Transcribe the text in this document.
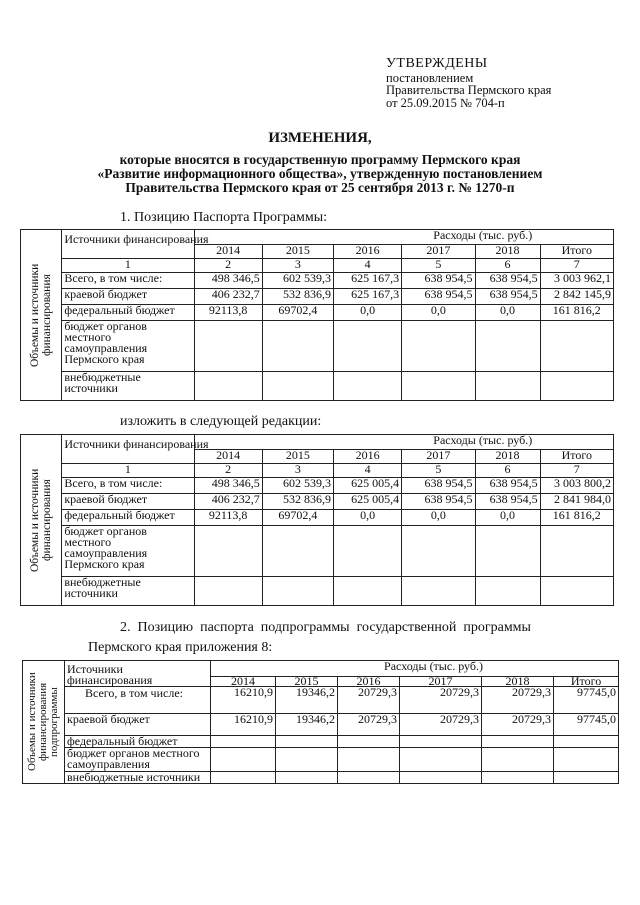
УТВЕРЖДЕНЫ
постановлением
Правительства Пермского края
от 25.09.2015 № 704-п
ИЗМЕНЕНИЯ,
которые вносятся в государственную программу Пермского края
«Развитие информационного общества», утвержденную постановлением
Правительства Пермского края от 25 сентября 2013 г. № 1270-п
1. Позицию Паспорта Программы:
Объемы и источники финансирования	Источники финансирования	Расходы (тыс. руб.)					
		2014	2015	2016	2017	2018	Итого
	1	2	3	4	5	6	7
	Всего, в том числе:	498 346,5	602 539,3	625 167,3	638 954,5	638 954,5	3 003 962,1
	краевой бюджет	406 232,7	532 836,9	625 167,3	638 954,5	638 954,5	2 842 145,9
	федеральный бюджет	92113,8	69702,4	0,0	0,0	0,0	161 816,2
	бюджет органов местного самоуправления Пермского края						
	внебюджетные источники						
изложить в следующей редакции:
Объемы и источники финансирования	Источники финансирования	Расходы (тыс. руб.)					
		2014	2015	2016	2017	2018	Итого
	1	2	3	4	5	6	7
	Всего, в том числе:	498 346,5	602 539,3	625 005,4	638 954,5	638 954,5	3 003 800,2
	краевой бюджет	406 232,7	532 836,9	625 005,4	638 954,5	638 954,5	2 841 984,0
	федеральный бюджет	92113,8	69702,4	0,0	0,0	0,0	161 816,2
	бюджет органов местного самоуправления Пермского края						
	внебюджетные источники						
2.  Позицию  паспорта  подпрограммы  государственной  программы
Пермского края приложения 8:
Объемы и источники финансирования подпрограммы	Источники финансирования	Расходы (тыс. руб.)					
		2014	2015	2016	2017	2018	Итого
	Всего, в том числе:	16210,9	19346,2	20729,3	20729,3	20729,3	97745,0
	краевой бюджет	16210,9	19346,2	20729,3	20729,3	20729,3	97745,0
	федеральный бюджет						
	бюджет органов местного самоуправления						
	внебюджетные источники						
